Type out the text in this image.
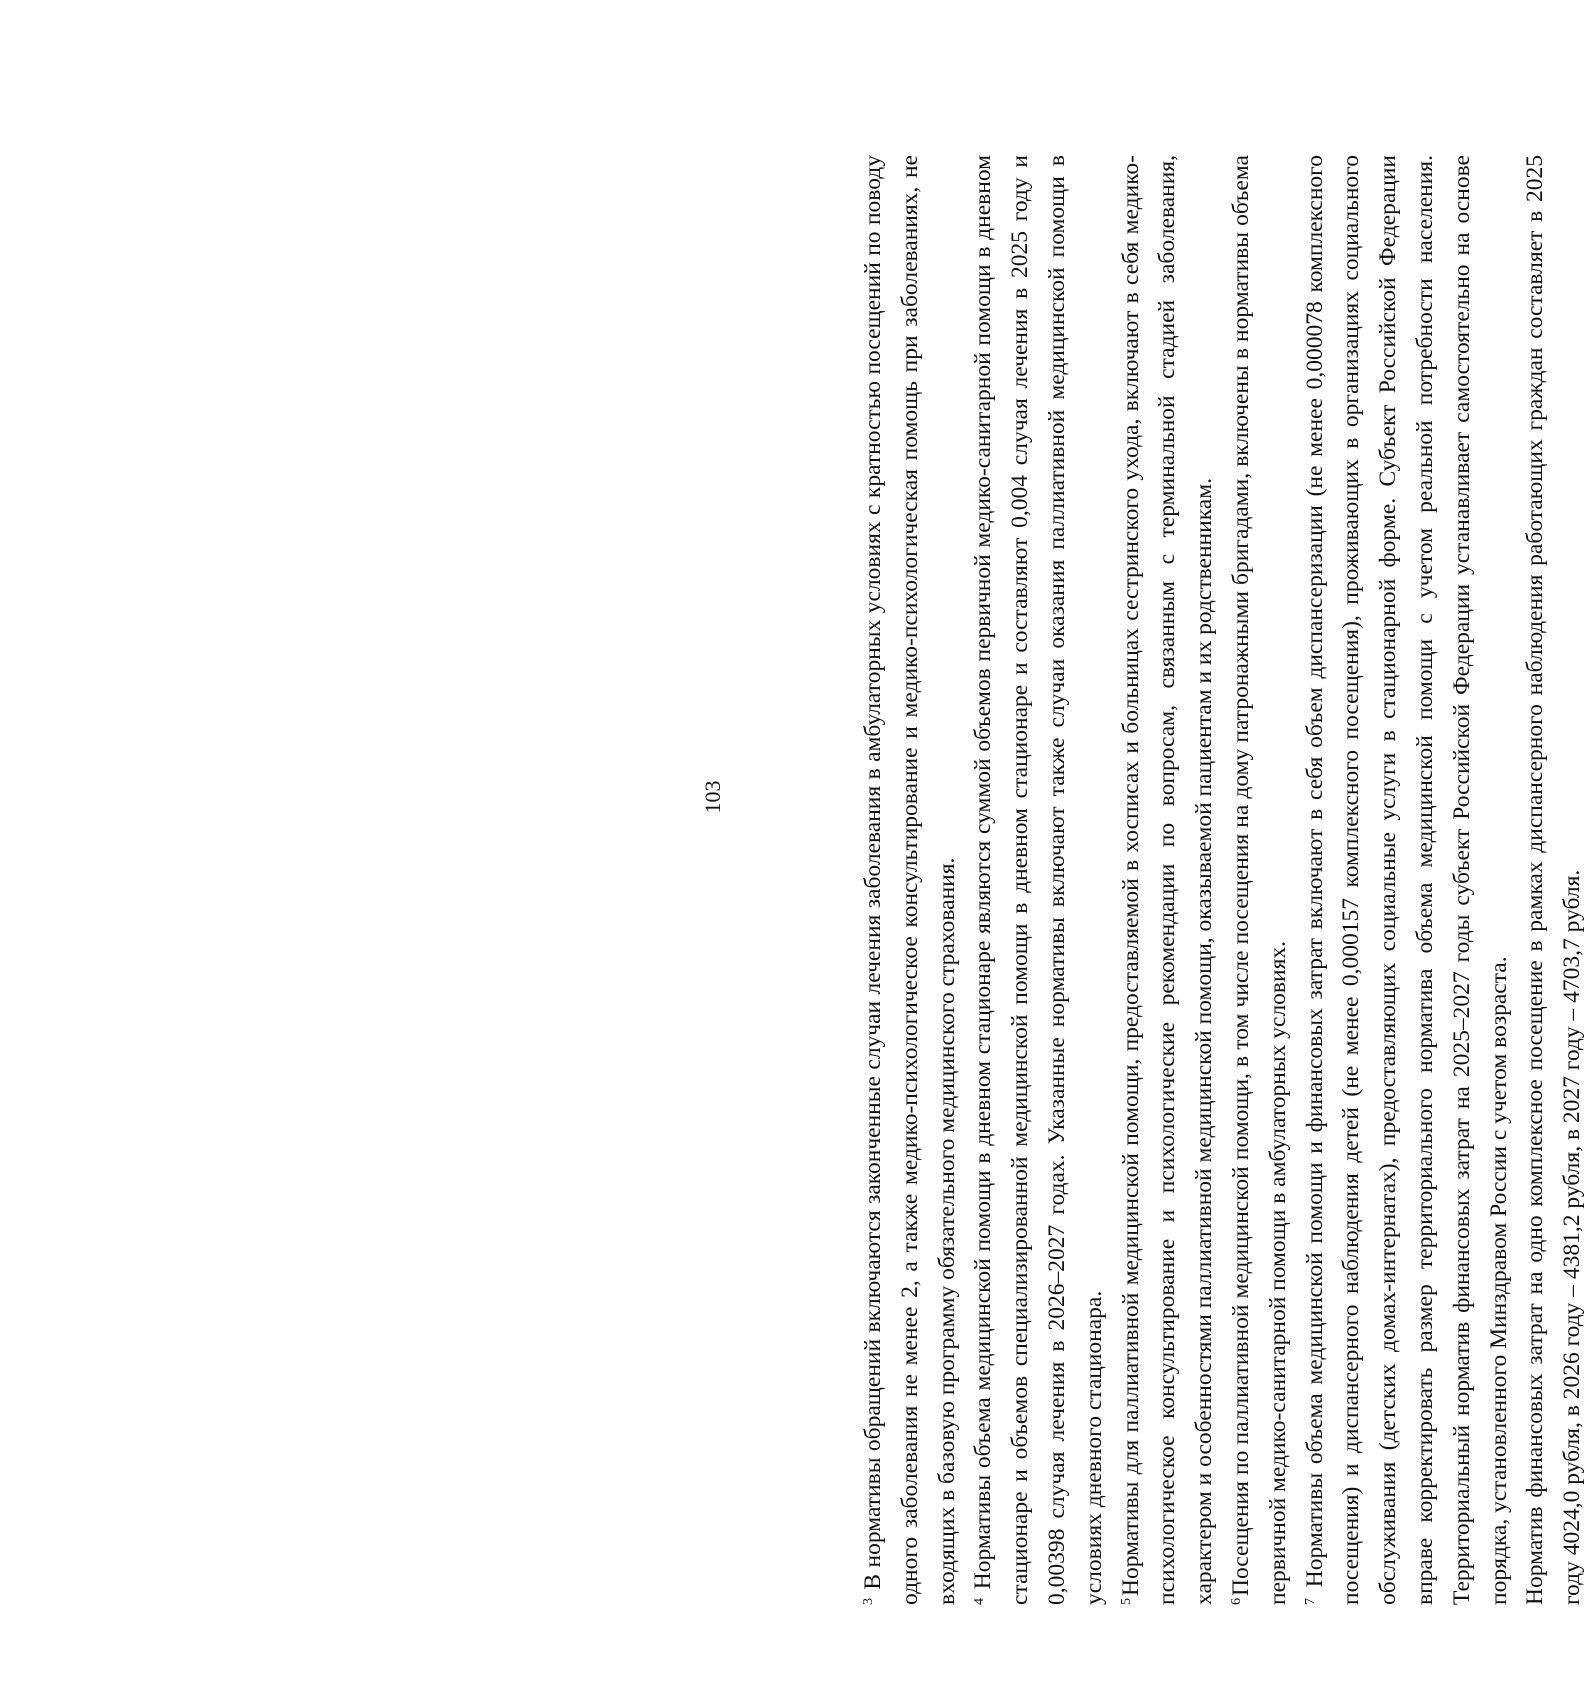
103

$^3$ В нормативы обращений включаются законченные случаи лечения заболевания в амбулаторных условиях с кратностью посещений по поводу одного заболевания не менее 2, а также медико-психологическое консультирование и медико-психологическая помощь при заболеваниях, не входящих в базовую программу обязательного медицинского страхования. $^4$ Нормативы объема медицинской помощи в дневном стационаре являются суммой объемов первичной медико-санитарной помощи в дневном стационаре и объемов специализированной медицинской помощи в дневном стационаре и составляют 0,004 случая лечения в 2025 году и 0,00398 случая лечения в 2026–2027 годах. Указанные нормативы включают также случаи оказания паллиативной медицинской помощи в условиях дневного стационара. $^5$Нормативы для паллиативной медицинской помощи, предоставляемой в хосписах и больницах сестринского ухода, включают в себя медико-психологическое консультирование и психологические рекомендации по вопросам, связанным с терминальной стадией заболевания, характером и особенностями паллиативной медицинской помощи, оказываемой пациентам и их родственникам. $^6$Посещения по паллиативной медицинской помощи, в том числе посещения на дому патронажными бригадами, включены в нормативы объема первичной медико-санитарной помощи в амбулаторных условиях. $^7$ Нормативы объема медицинской помощи и финансовых затрат включают в себя объем диспансеризации (не менее 0,000078 комплексного посещения) и диспансерного наблюдения детей (не менее 0,000157 комплексного посещения), проживающих в организациях социального обслуживания (детских домах-интернатах), предоставляющих социальные услуги в стационарной форме. Субъект Российской Федерации вправе корректировать размер территориального норматива объема медицинской помощи с учетом реальной потребности населения. Территориальный норматив финансовых затрат на 2025–2027 годы субъект Российской Федерации устанавливает самостоятельно на основе порядка, установленного Минздравом России с учетом возраста. Норматив финансовых затрат на одно комплексное посещение в рамках диспансерного наблюдения работающих граждан составляет в 2025 году 4024,0 рубля, в 2026 году – 4381,2 рубля, в 2027 году – 4703,7 рубля.
